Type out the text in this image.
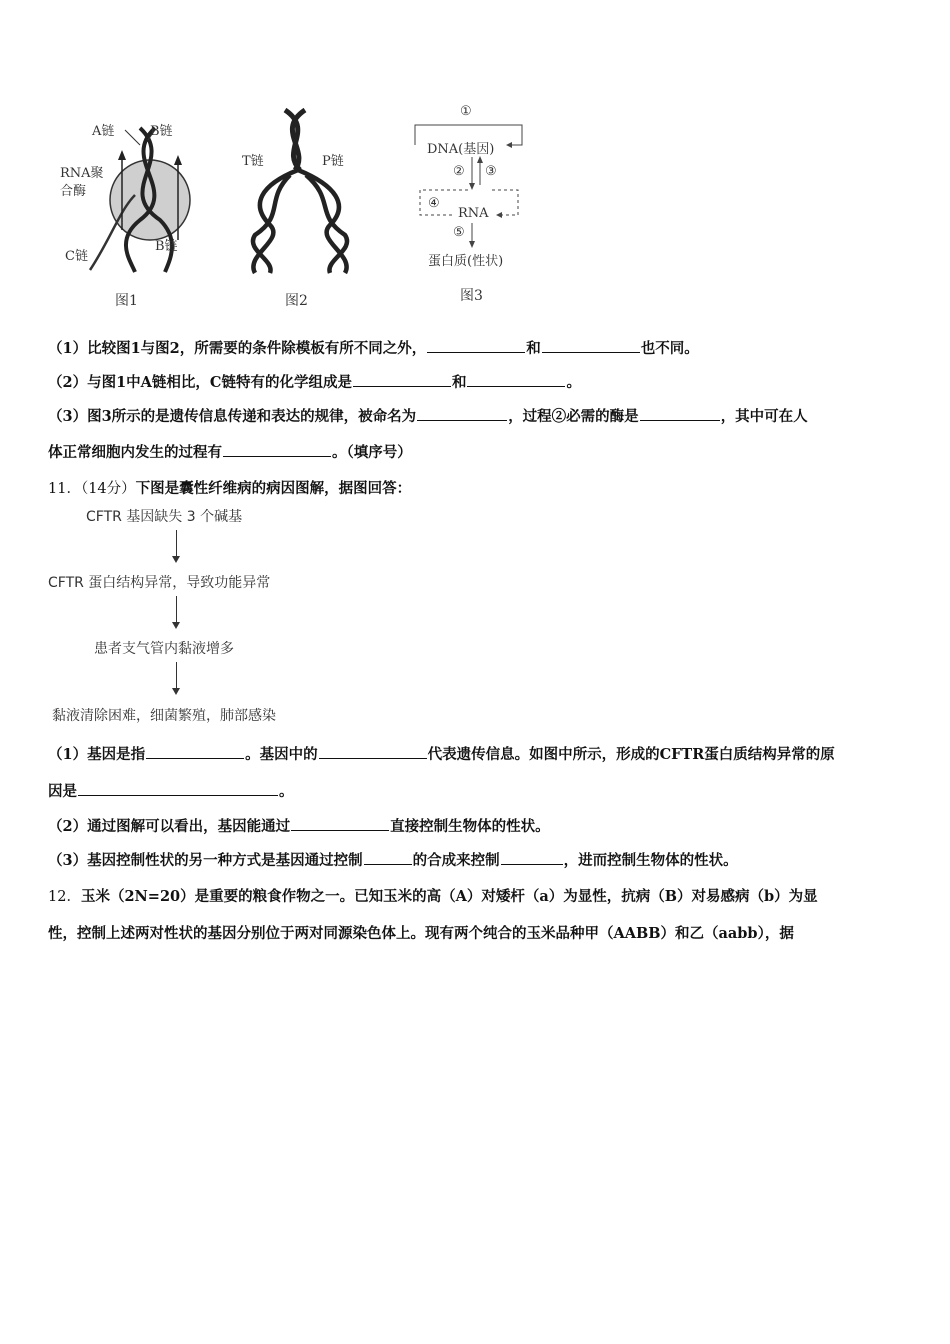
A链	B链
RNA聚
合酶
C链
B链
图1
T链	P链
图2
①
DNA(基因)
② ③
④
RNA
⑤
蛋白质(性状)
图3
（1）比较图1与图2，所需要的条件除模板有所不同之外，	和	也不同。
（2）与图1中A链相比，C链特有的化学组成是	和	。
（3）图3所示的是遗传信息传递和表达的规律，被命名为	，过程②必需的酶是	，其中可在人
体正常细胞内发生的过程有	。（填序号）
11．（14分）下图是囊性纤维病的病因图解，据图回答：
CFTR 基因缺失 3 个碱基
CFTR 蛋白结构异常，导致功能异常
患者支气管内黏液增多
黏液清除困难，细菌繁殖，肺部感染
（1）基因是指	。基因中的	代表遗传信息。如图中所示，形成的CFTR蛋白质结构异常的原
因是	。
（2）通过图解可以看出，基因能通过	直接控制生物体的性状。
（3）基因控制性状的另一种方式是基因通过控制	的合成来控制	，进而控制生物体的性状。
12．玉米（2N=20）是重要的粮食作物之一。已知玉米的高（A）对矮杆（a）为显性，抗病（B）对易感病（b）为显
性，控制上述两对性状的基因分别位于两对同源染色体上。现有两个纯合的玉米品种甲（AABB）和乙（aabb），据
